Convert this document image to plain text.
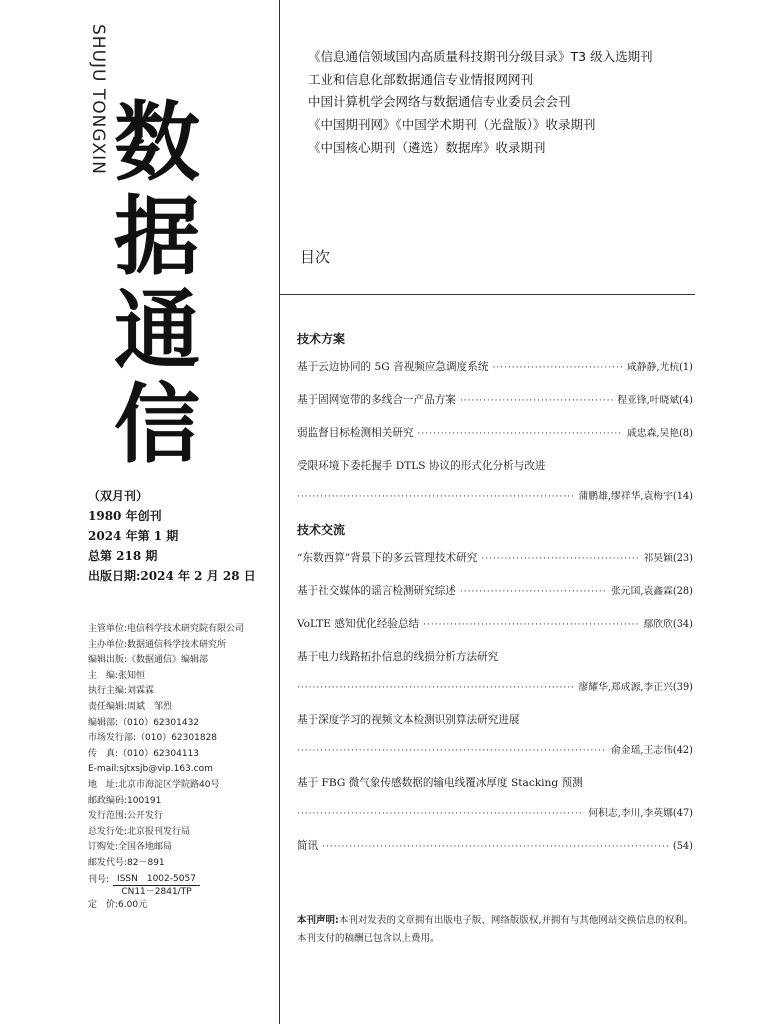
SHUJU TONGXIN 数
据
通
信
（双月刊）
1980 年创刊
2024 年第 1 期
总第 218 期
出版日期:2024 年 2 月 28 日
主管单位:电信科学技术研究院有限公司
主办单位:数据通信科学技术研究所
编辑出版:《数据通信》编辑部
主　编:张知恒
执行主编:刘霖霖
责任编辑:周斌　邹烈
编辑部:（010）62301432
市场发行部:（010）62301828
传　真:（010）62304113
E-mail:sjtxsjb@vip.163.com
地　址:北京市海淀区学院路40号
邮政编码:100191
发行范围:公开发行
总发行处:北京报刊发行局
订购处:全国各地邮局
邮发代号:82－891
刊号: ISSN　1002-5057
CN11－2841/TP
定　价:6.00元
《信息通信领域国内高质量科技期刊分级目录》T3 级入选期刊
工业和信息化部数据通信专业情报网网刊
中国计算机学会网络与数据通信专业委员会会刊
《中国期刊网》《中国学术期刊（光盘版）》收录期刊
《中国核心期刊（遴选）数据库》收录期刊
目次
技术方案
基于云边协同的 5G 音视频应急调度系统 ·····	咸静静,尤杭(1)
基于固网宽带的多线合一产品方案 ·····	程亚锋,叶晓斌(4)
弱监督目标检测相关研究 ·····	戚忠森,吴艳(8)
受限环境下委托握手 DTLS 协议的形式化分析与改进
·····
蒲鹏雄,缪祥华,袁梅宇(14)
技术交流
“东数西算”背景下的多云管理技术研究 ·····	祁昊颖(23)
基于社交媒体的谣言检测研究综述 ·····	张元国,袁鑫霖(28)
VoLTE 感知优化经验总结 ·····	鄢欣欣(34)
基于电力线路拓扑信息的线损分析方法研究
·····
廖耀华,郑成源,李正兴(39)
基于深度学习的视频文本检测识别算法研究进展
·····
俞金瑶,王志伟(42)
基于 FBG 微气象传感数据的输电线覆冰厚度 Stacking 预测
·····
何积志,李川,李英娜(47)
简讯 ·····	(54)
本刊声明:本刊对发表的文章拥有出版电子版、网络版版权,并拥有与其他网站交换信息的权利。本刊支付的稿酬已包含以上费用。
